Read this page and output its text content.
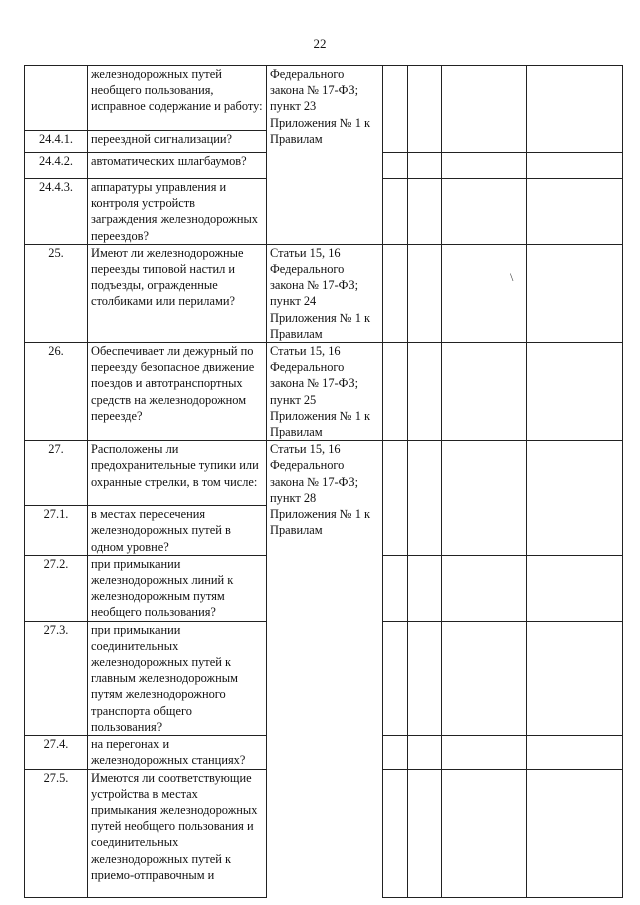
22
\
	железнодорожных путей необщего пользования, исправное содержание и работу:	Федерального закона № 17-ФЗ; пункт 23 Приложения № 1 к Правилам				
24.4.1.	переездной сигнализации?					
24.4.2.	автоматических шлагбаумов?					
24.4.3.	аппаратуры управления и контроля устройств заграждения железнодорожных переездов?					
25.	Имеют ли железнодорожные переезды типовой настил и подъезды, огражденные столбиками или перилами?	Статьи 15, 16 Федерального закона № 17-ФЗ; пункт 24 Приложения № 1 к Правилам				
26.	Обеспечивает ли дежурный по переезду безопасное движение поездов и автотранспортных средств на железнодорожном переезде?	Статьи 15, 16 Федерального закона № 17-ФЗ; пункт 25 Приложения № 1 к Правилам				
27.	Расположены ли предохранительные тупики или охранные стрелки, в том числе:	Статьи 15, 16 Федерального закона № 17-ФЗ; пункт 28 Приложения № 1 к Правилам				
27.1.	в местах пересечения железнодорожных путей в одном уровне?					
27.2.	при примыкании железнодорожных линий к железнодорожным путям необщего пользования?					
27.3.	при примыкании соединительных железнодорожных путей к главным железнодорожным путям железнодорожного транспорта общего пользования?					
27.4.	на перегонах и железнодорожных станциях?					
27.5.	Имеются ли соответствующие устройства в местах примыкания железнодорожных путей необщего пользования и соединительных железнодорожных путей к приемо-отправочным и					
